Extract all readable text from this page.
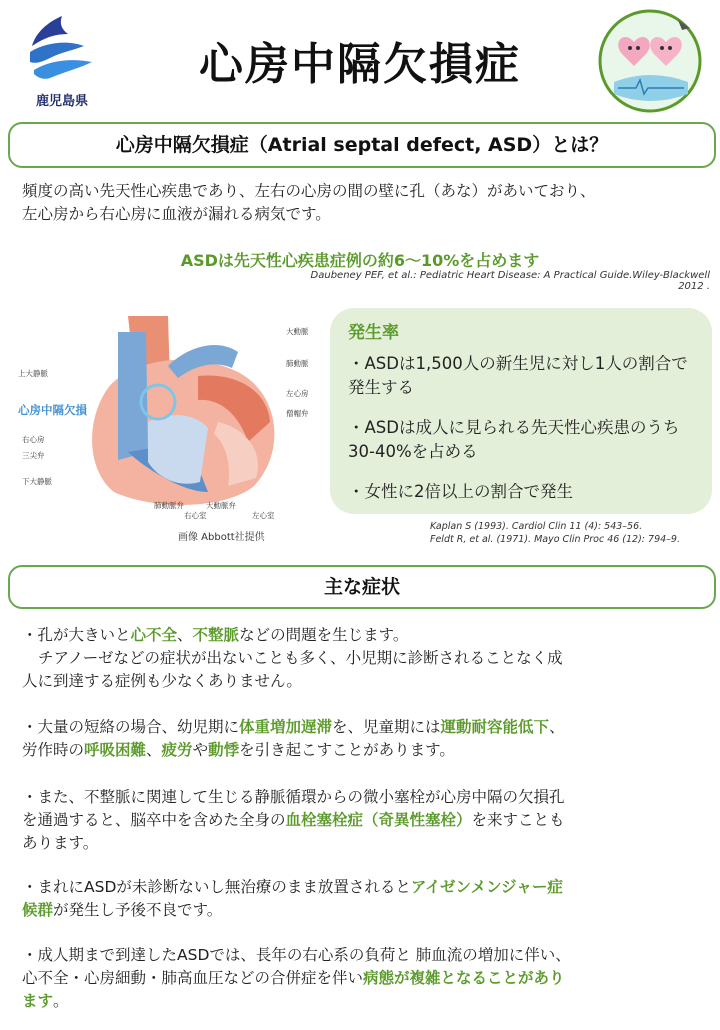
鹿児島県
心房中隔欠損症
心房中隔欠損症（Atrial septal defect, ASD）とは？
頻度の高い先天性心疾患であり、左右の心房の間の壁に孔（あな）があいており、
左心房から右心房に血液が漏れる病気です。
ASDは先天性心疾患症例の約6～10%を占めます
Daubeney PEF, et al.: Pediatric Heart Disease: A Practical Guide.Wiley-Blackwell 2012 .
心房中隔欠損
上大静脈
右心房
三尖弁
下大静脈
大動脈
肺動脈
左心房
僧帽弁
肺動脈弁	大動脈弁
右心室	左心室
画像 Abbott社提供
発生率
・ASDは1,500人の新生児に対し1人の割合で発生する
・ASDは成人に見られる先天性心疾患のうち30-40%を占める
・女性に2倍以上の割合で発生
Kaplan S (1993). Cardiol Clin 11 (4): 543–56.
Feldt R, et al. (1971). Mayo Clin Proc 46 (12): 794–9.
主な症状
・孔が大きいと心不全、不整脈などの問題を生じます。
チアノーゼなどの症状が出ないことも多く、小児期に診断されることなく成
人に到達する症例も少なくありません。
・大量の短絡の場合、幼児期に体重増加遅滞を、児童期には運動耐容能低下、
労作時の呼吸困難、疲労や動悸を引き起こすことがあります。
・また、不整脈に関連して生じる静脈循環からの微小塞栓が心房中隔の欠損孔
を通過すると、脳卒中を含めた全身の血栓塞栓症（奇異性塞栓）を来すことも
あります。
・まれにASDが未診断ないし無治療のまま放置されるとアイゼンメンジャー症
候群が発生し予後不良です。
・成人期まで到達したASDでは、長年の右心系の負荷と 肺血流の増加に伴い、
心不全・心房細動・肺高血圧などの合併症を伴い病態が複雑となることがあり
ます。
